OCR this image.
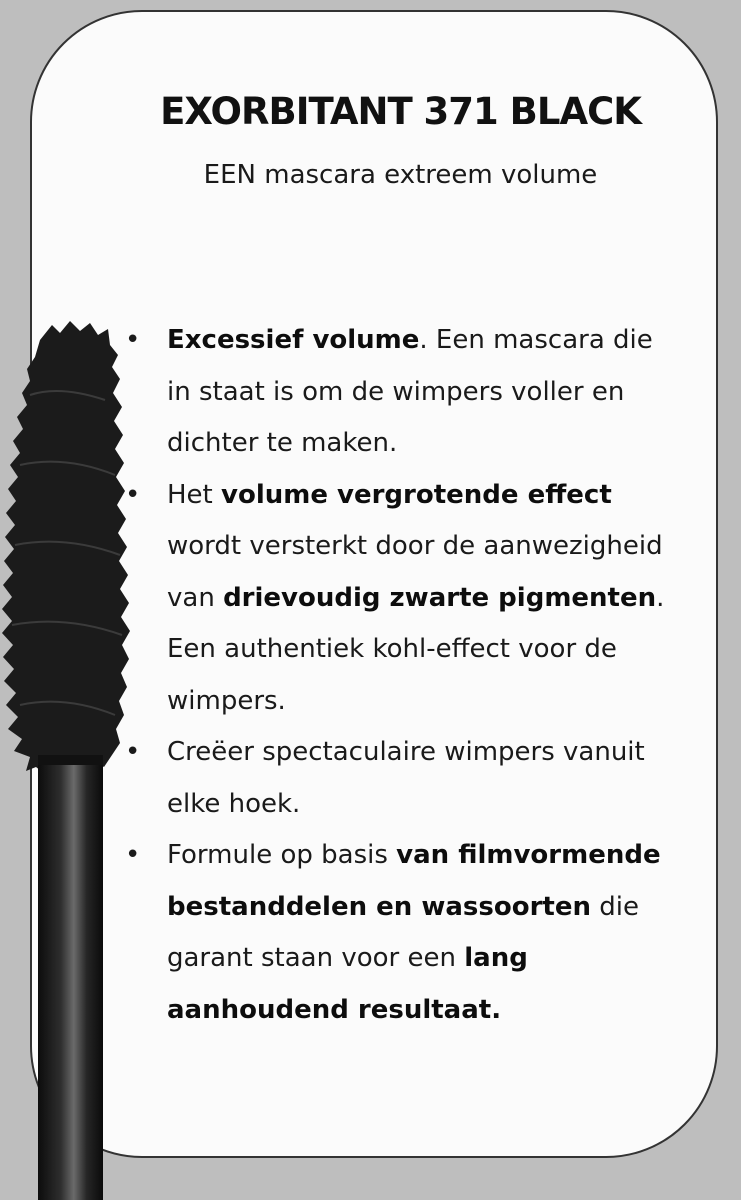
EXORBITANT 371 BLACK
EEN mascara extreem volume
• Excessief volume. Een mascara die in staat is om de wimpers voller en dichter te maken.
• Het volume vergrotende effect wordt versterkt door de aanwezigheid van drievoudig zwarte pigmenten. Een authentiek kohl-effect voor de wimpers.
• Creëer spectaculaire wimpers vanuit elke hoek.
• Formule op basis van filmvormende bestanddelen en wassoorten die garant staan voor een lang aanhoudend resultaat.
